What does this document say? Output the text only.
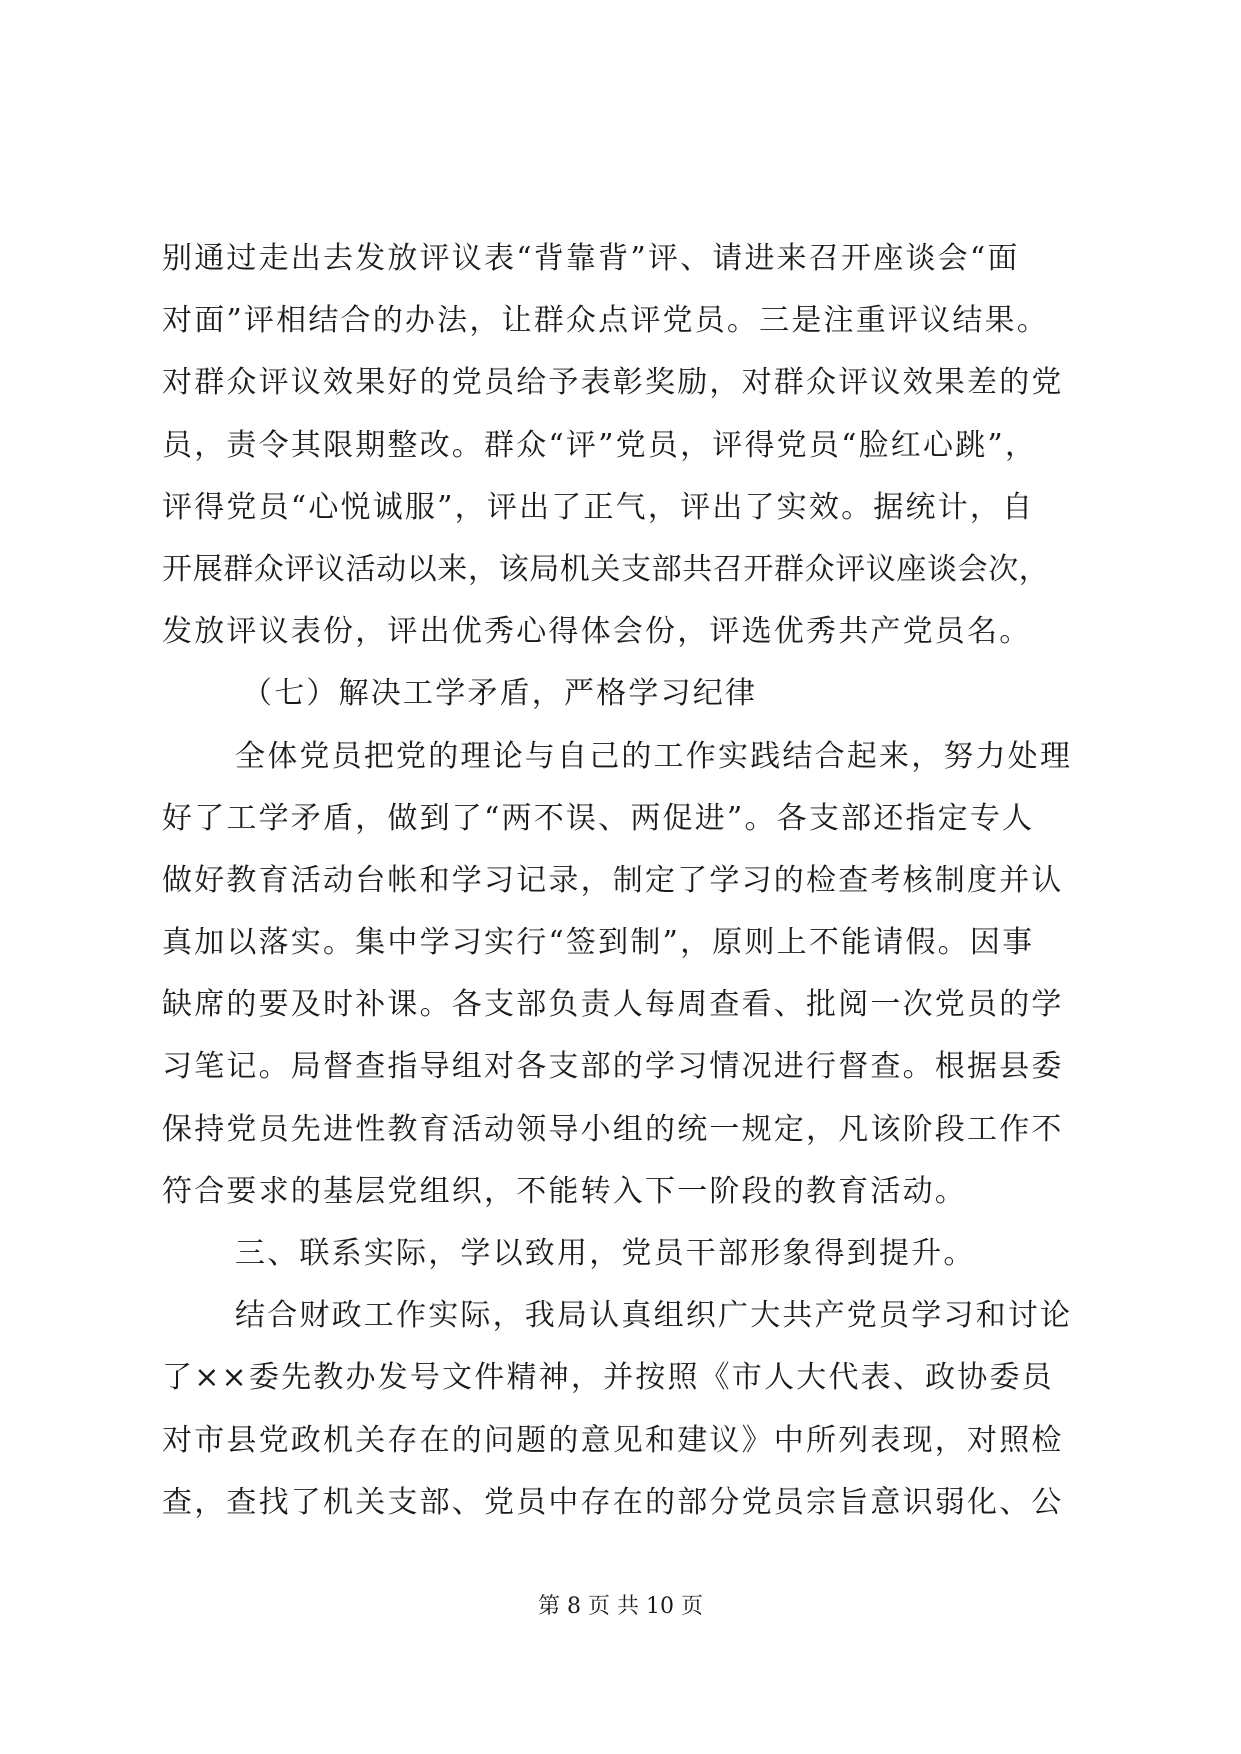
别通过走出去发放评议表“背靠背”评、请进来召开座谈会“面
对面”评相结合的办法，让群众点评党员。三是注重评议结果。
对群众评议效果好的党员给予表彰奖励，对群众评议效果差的党
员，责令其限期整改。群众“评”党员，评得党员“脸红心跳”，
评得党员“心悦诚服”，评出了正气，评出了实效。据统计，自
开展群众评议活动以来，该局机关支部共召开群众评议座谈会次，
发放评议表份，评出优秀心得体会份，评选优秀共产党员名。
（七）解决工学矛盾，严格学习纪律
全体党员把党的理论与自己的工作实践结合起来，努力处理
好了工学矛盾，做到了“两不误、两促进”。各支部还指定专人
做好教育活动台帐和学习记录，制定了学习的检查考核制度并认
真加以落实。集中学习实行“签到制”，原则上不能请假。因事
缺席的要及时补课。各支部负责人每周查看、批阅一次党员的学
习笔记。局督查指导组对各支部的学习情况进行督查。根据县委
保持党员先进性教育活动领导小组的统一规定，凡该阶段工作不
符合要求的基层党组织，不能转入下一阶段的教育活动。
三、联系实际，学以致用，党员干部形象得到提升。
结合财政工作实际，我局认真组织广大共产党员学习和讨论
了××委先教办发号文件精神，并按照《市人大代表、政协委员
对市县党政机关存在的问题的意见和建议》中所列表现，对照检
查，查找了机关支部、党员中存在的部分党员宗旨意识弱化、公
第 8 页 共 10 页
